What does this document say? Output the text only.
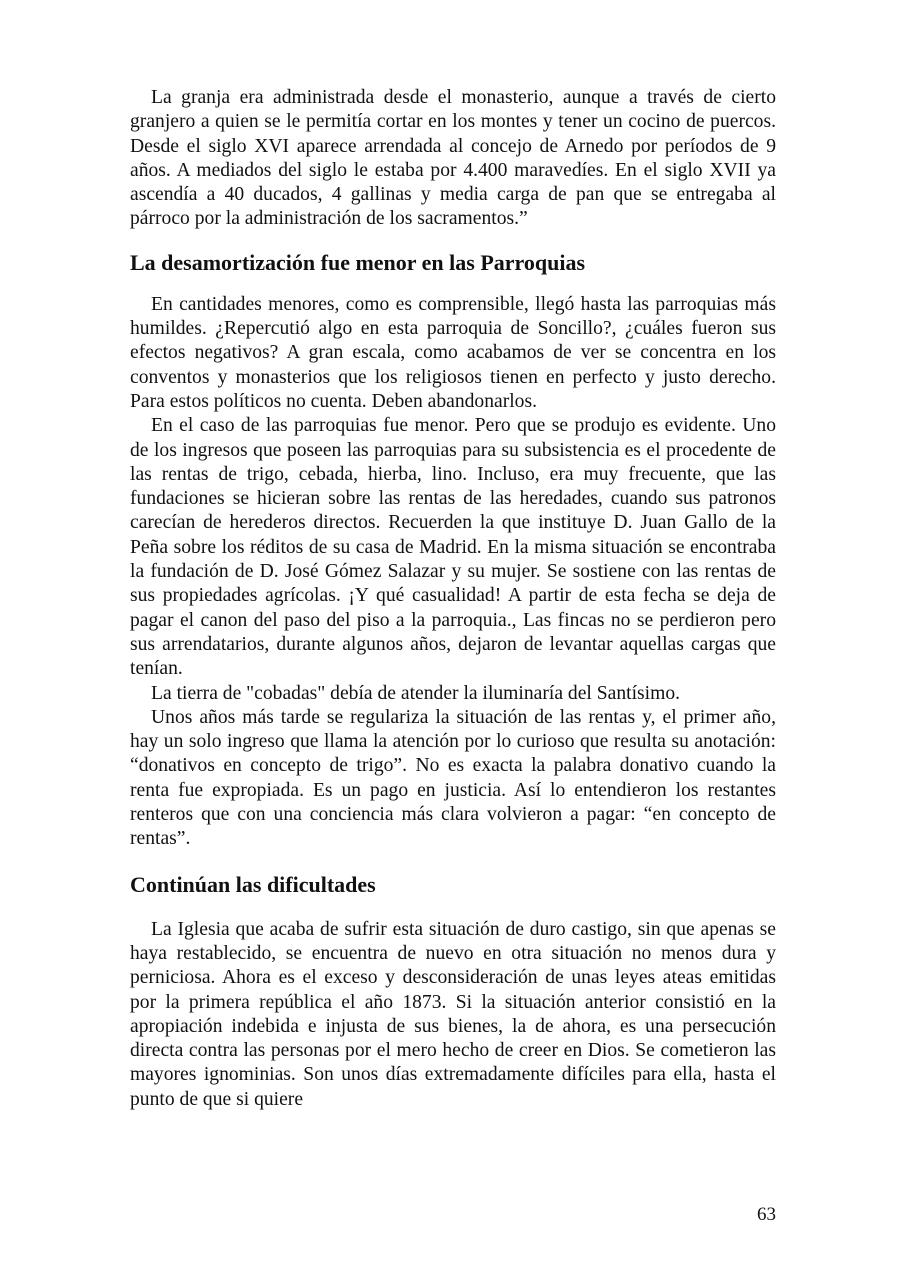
La granja era administrada desde el monasterio, aunque a través de cierto granjero a quien se le permitía cortar en los montes y tener un cocino de puercos. Desde el siglo XVI aparece arrendada al concejo de Arnedo por períodos de 9 años. A mediados del siglo le estaba por 4.400 maravedíes. En el siglo XVII ya ascendía a 40 ducados, 4 gallinas y media carga de pan que se entregaba al párroco por la administración de los sacramentos.”

La desamortización fue menor en las Parroquias

En cantidades menores, como es comprensible, llegó hasta las parroquias más humildes. ¿Repercutió algo en esta parroquia de Soncillo?, ¿cuáles fueron sus efectos negativos? A gran escala, como acabamos de ver se concentra en los conventos y monasterios que los religiosos tienen en perfecto y justo derecho. Para estos políticos no cuenta. Deben abandonarlos.

En el caso de las parroquias fue menor. Pero que se produjo es evidente. Uno de los ingresos que poseen las parroquias para su subsistencia es el procedente de las rentas de trigo, cebada, hierba, lino. Incluso, era muy frecuente, que las fundaciones se hicieran sobre las rentas de las heredades, cuando sus patronos carecían de herederos directos. Recuerden la que instituye D. Juan Gallo de la Peña sobre los réditos de su casa de Madrid. En la misma situación se encontraba la fundación de D. José Gómez Salazar y su mujer. Se sostiene con las rentas de sus propiedades agrícolas. ¡Y qué casualidad! A partir de esta fecha se deja de pagar el canon del paso del piso a la parroquia., Las fincas no se perdieron pero sus arrendatarios, durante algunos años, dejaron de levantar aquellas cargas que tenían.

La tierra de "cobadas" debía de atender la iluminaría del Santísimo.

Unos años más tarde se regulariza la situación de las rentas y, el primer año, hay un solo ingreso que llama la atención por lo curioso que resulta su anotación: “donativos en concepto de trigo”. No es exacta la palabra donativo cuando la renta fue expropiada. Es un pago en justicia. Así lo entendieron los restantes renteros que con una conciencia más clara volvieron a pagar: “en concepto de rentas”.

Continúan las dificultades

La Iglesia que acaba de sufrir esta situación de duro castigo, sin que apenas se haya restablecido, se encuentra de nuevo en otra situación no menos dura y perniciosa. Ahora es el exceso y desconsideración de unas leyes ateas emitidas por la primera república el año 1873. Si la situación anterior consistió en la apropiación indebida e injusta de sus bienes, la de ahora, es una persecución directa contra las personas por el mero hecho de creer en Dios. Se cometieron las mayores ignominias. Son unos días extremadamente difíciles para ella, hasta el punto de que si quiere

63
